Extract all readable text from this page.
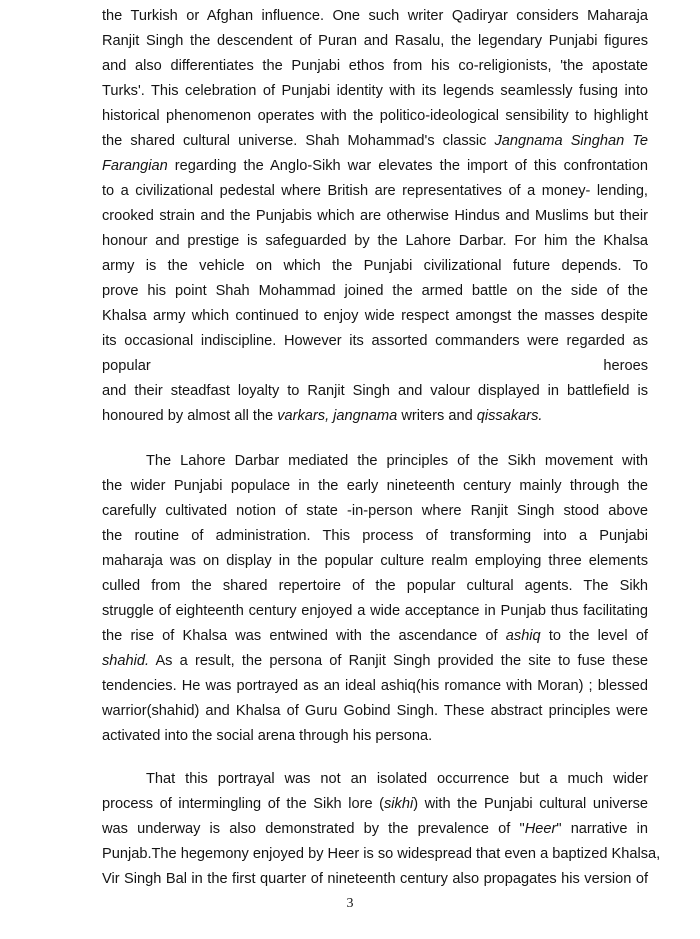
the Turkish or Afghan influence. One such writer Qadiryar considers Maharaja
Ranjit Singh the descendent of Puran and Rasalu, the legendary Punjabi figures
and also differentiates the Punjabi ethos from his co-religionists, 'the apostate
Turks'. This celebration of Punjabi identity with its legends seamlessly fusing into
historical phenomenon operates with the politico-ideological sensibility to highlight
the shared cultural universe. Shah Mohammad's classic Jangnama Singhan Te
Farangian regarding the Anglo-Sikh war elevates the import of this confrontation
to a civilizational pedestal where British are representatives of a money- lending,
crooked strain and the Punjabis which are otherwise Hindus and Muslims but their
honour and prestige is safeguarded by the Lahore Darbar. For him the Khalsa
army is the vehicle on which the Punjabi civilizational future depends. To
prove his point Shah Mohammad joined the armed battle on the side of the
Khalsa army which continued to enjoy wide respect amongst the masses despite
its occasional indiscipline. However its assorted commanders were regarded as
popular heroes
and their steadfast loyalty to Ranjit Singh and valour displayed in battlefield is
honoured by almost all the varkars, jangnama writers and qissakars.
The Lahore Darbar mediated the principles of the Sikh movement with
the wider Punjabi populace in the early nineteenth century mainly through the
carefully cultivated notion of state -in-person where Ranjit Singh stood above
the routine of administration. This process of transforming into a Punjabi
maharaja was on display in the popular culture realm employing three elements
culled from the shared repertoire of the popular cultural agents. The Sikh
struggle of eighteenth century enjoyed a wide acceptance in Punjab thus facilitating
the rise of Khalsa was entwined with the ascendance of ashiq to the level of
shahid. As a result, the persona of Ranjit Singh provided the site to fuse these
tendencies. He was portrayed as an ideal ashiq(his romance with Moran) ; blessed
warrior(shahid) and Khalsa of Guru Gobind Singh. These abstract principles were
activated into the social arena through his persona.
That this portrayal was not an isolated occurrence but a much wider
process of intermingling of the Sikh lore (sikhi) with the Punjabi cultural universe
was underway is also demonstrated by the prevalence of "Heer" narrative in
Punjab.The hegemony enjoyed by Heer is so widespread that even a baptized Khalsa,
Vir Singh Bal in the first quarter of nineteenth century also propagates his version of
3
